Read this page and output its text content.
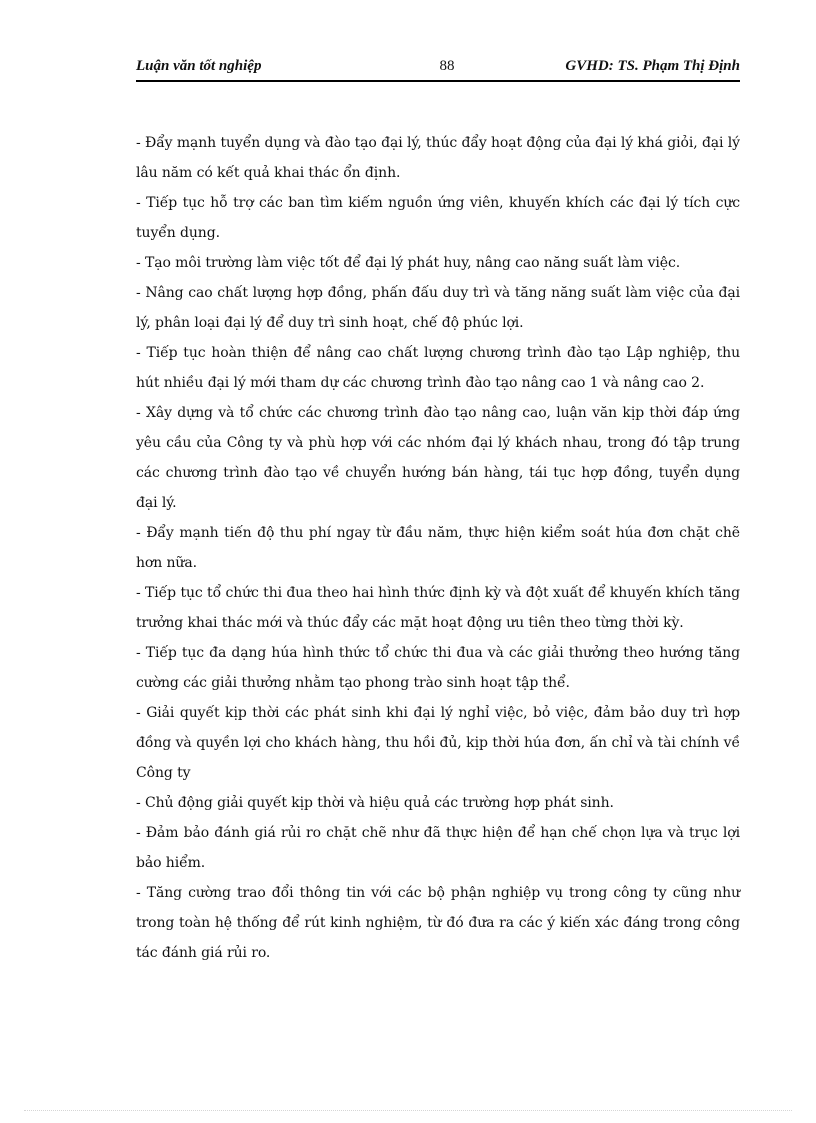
Luận văn tốt nghiệp	88	GVHD: TS. Phạm Thị Định

- Đẩy mạnh tuyển dụng và đào tạo đại lý, thúc đẩy hoạt động của đại lý khá giỏi, đại lý lâu năm có kết quả khai thác ổn định.

- Tiếp tục hỗ trợ các ban tìm kiếm nguồn ứng viên, khuyến khích các đại lý tích cực tuyển dụng.

- Tạo môi trường làm việc tốt để đại lý phát huy, nâng cao năng suất làm việc.

- Nâng cao chất lượng hợp đồng, phấn đấu duy trì và tăng năng suất làm việc của đại lý, phân loại đại lý để duy trì sinh hoạt, chế độ phúc lợi.

- Tiếp tục hoàn thiện để nâng cao chất lượng chương trình đào tạo Lập nghiệp, thu hút nhiều đại lý mới tham dự các chương trình đào tạo nâng cao 1 và nâng cao 2.

- Xây dựng và tổ chức các chương trình đào tạo nâng cao, luận văn kịp thời đáp ứng yêu cầu của Công ty và phù hợp với các nhóm đại lý khách nhau, trong đó tập trung các chương trình đào tạo về chuyển hướng bán hàng, tái tục hợp đồng, tuyển dụng đại lý.

- Đẩy mạnh tiến độ thu phí ngay từ đầu năm, thực hiện kiểm soát húa đơn chặt chẽ hơn nữa.

- Tiếp tục tổ chức thi đua theo hai hình thức định kỳ và đột xuất để khuyến khích tăng trưởng khai thác mới và thúc đẩy các mặt hoạt động ưu tiên theo từng thời kỳ.

- Tiếp tục đa dạng húa hình thức tổ chức thi đua và các giải thưởng theo hướng tăng cường các giải thưởng nhằm tạo phong trào sinh hoạt tập thể.

- Giải quyết kịp thời các phát sinh khi đại lý nghỉ việc, bỏ việc, đảm bảo duy trì hợp đồng và quyền lợi cho khách hàng, thu hồi đủ, kịp thời húa đơn, ấn chỉ và tài chính về Công ty

- Chủ động giải quyết kịp thời và hiệu quả các trường hợp phát sinh.

- Đảm bảo đánh giá rủi ro chặt chẽ như đã thực hiện để hạn chế chọn lựa và trục lợi bảo hiểm.

- Tăng cường trao đổi thông tin với các bộ phận nghiệp vụ trong công ty cũng như trong toàn hệ thống để rút kinh nghiệm, từ đó đưa ra các ý kiến xác đáng trong công tác đánh giá rủi ro.
